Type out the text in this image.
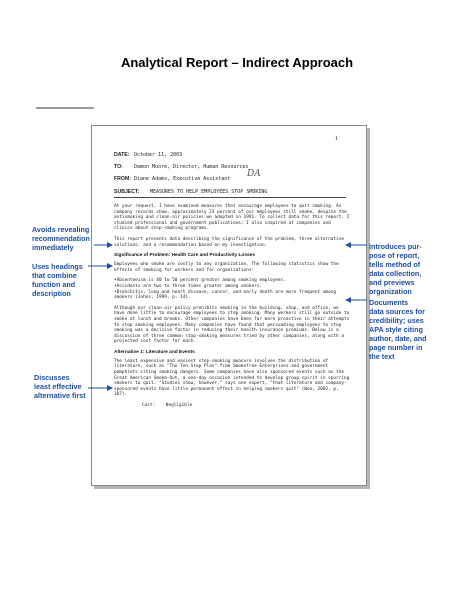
Analytical Report – Indirect Approach
1
DATE: October 11, 2003
TO:	Damon Moore, Director, Human Resources
FROM: Diane Adams, Executive Assistant
SUBJECT:	MEASURES TO HELP EMPLOYEES STOP SMOKING
DA

At your request, I have examined measures that encourage employees to quit smoking. As company records show, approximately 23 percent of our employees still smoke, despite the antismoking and clean-air policies we adopted in 1991. To collect data for this report, I studied professional and government publications; I also inquired at companies and clinics about stop-smoking programs.

This report presents data describing the significance of the problem, three alternative solutions, and a recommendation based on my investigation.

Significance of Problem: Health Care and Productivity Losses

Employees who smoke are costly to any organization. The following statistics show the effects of smoking for workers and for organizations:

•Absenteeism is 40 to 50 percent greater among smoking employees.

•Accidents are two to three times greater among smokers.

•Bronchitis, lung and heart disease, cancer, and early death are more frequent among smokers (Johns, 1999, p. 14).

Although our clean-air policy prohibits smoking in the building, shop, and office, we have done little to encourage employees to stop smoking. Many workers still go outside to smoke at lunch and breaks. Other companies have been far more proactive in their attempts to stop smoking employees. Many companies have found that persuading employees to stop smoking was a decisive factor in reducing their health insurance premiums. Below is a discussion of three common stop-smoking measures tried by other companies, along with a projected cost factor for each.

Alternative 1: Literature and Events

The least expensive and easiest stop-smoking measure involves the distribution of literature, such as "The Ten-Step Plan" from Smokefree Enterprises and government pamphlets citing smoking dangers. Some companies have also sponsored events such as the Great American Smoke-Out, a one-day occasion intended to develop group spirit in spurring smokers to quit. "Studies show, however," says one expert, "that literature and company-sponsored events have little permanent effect in helping smokers quit" (Woo, 2002, p. 107).

Cost: Negligible

Avoids revealing
recommendation
immediately
Uses headings
that combine
function and
description
Discusses
least effective
alternative first
Introduces pur-
pose of report,
tells method of
data collection,
and previews
organization
Documents
data sources for
credibility; uses
APA style citing
author, date, and
page number in
the text
